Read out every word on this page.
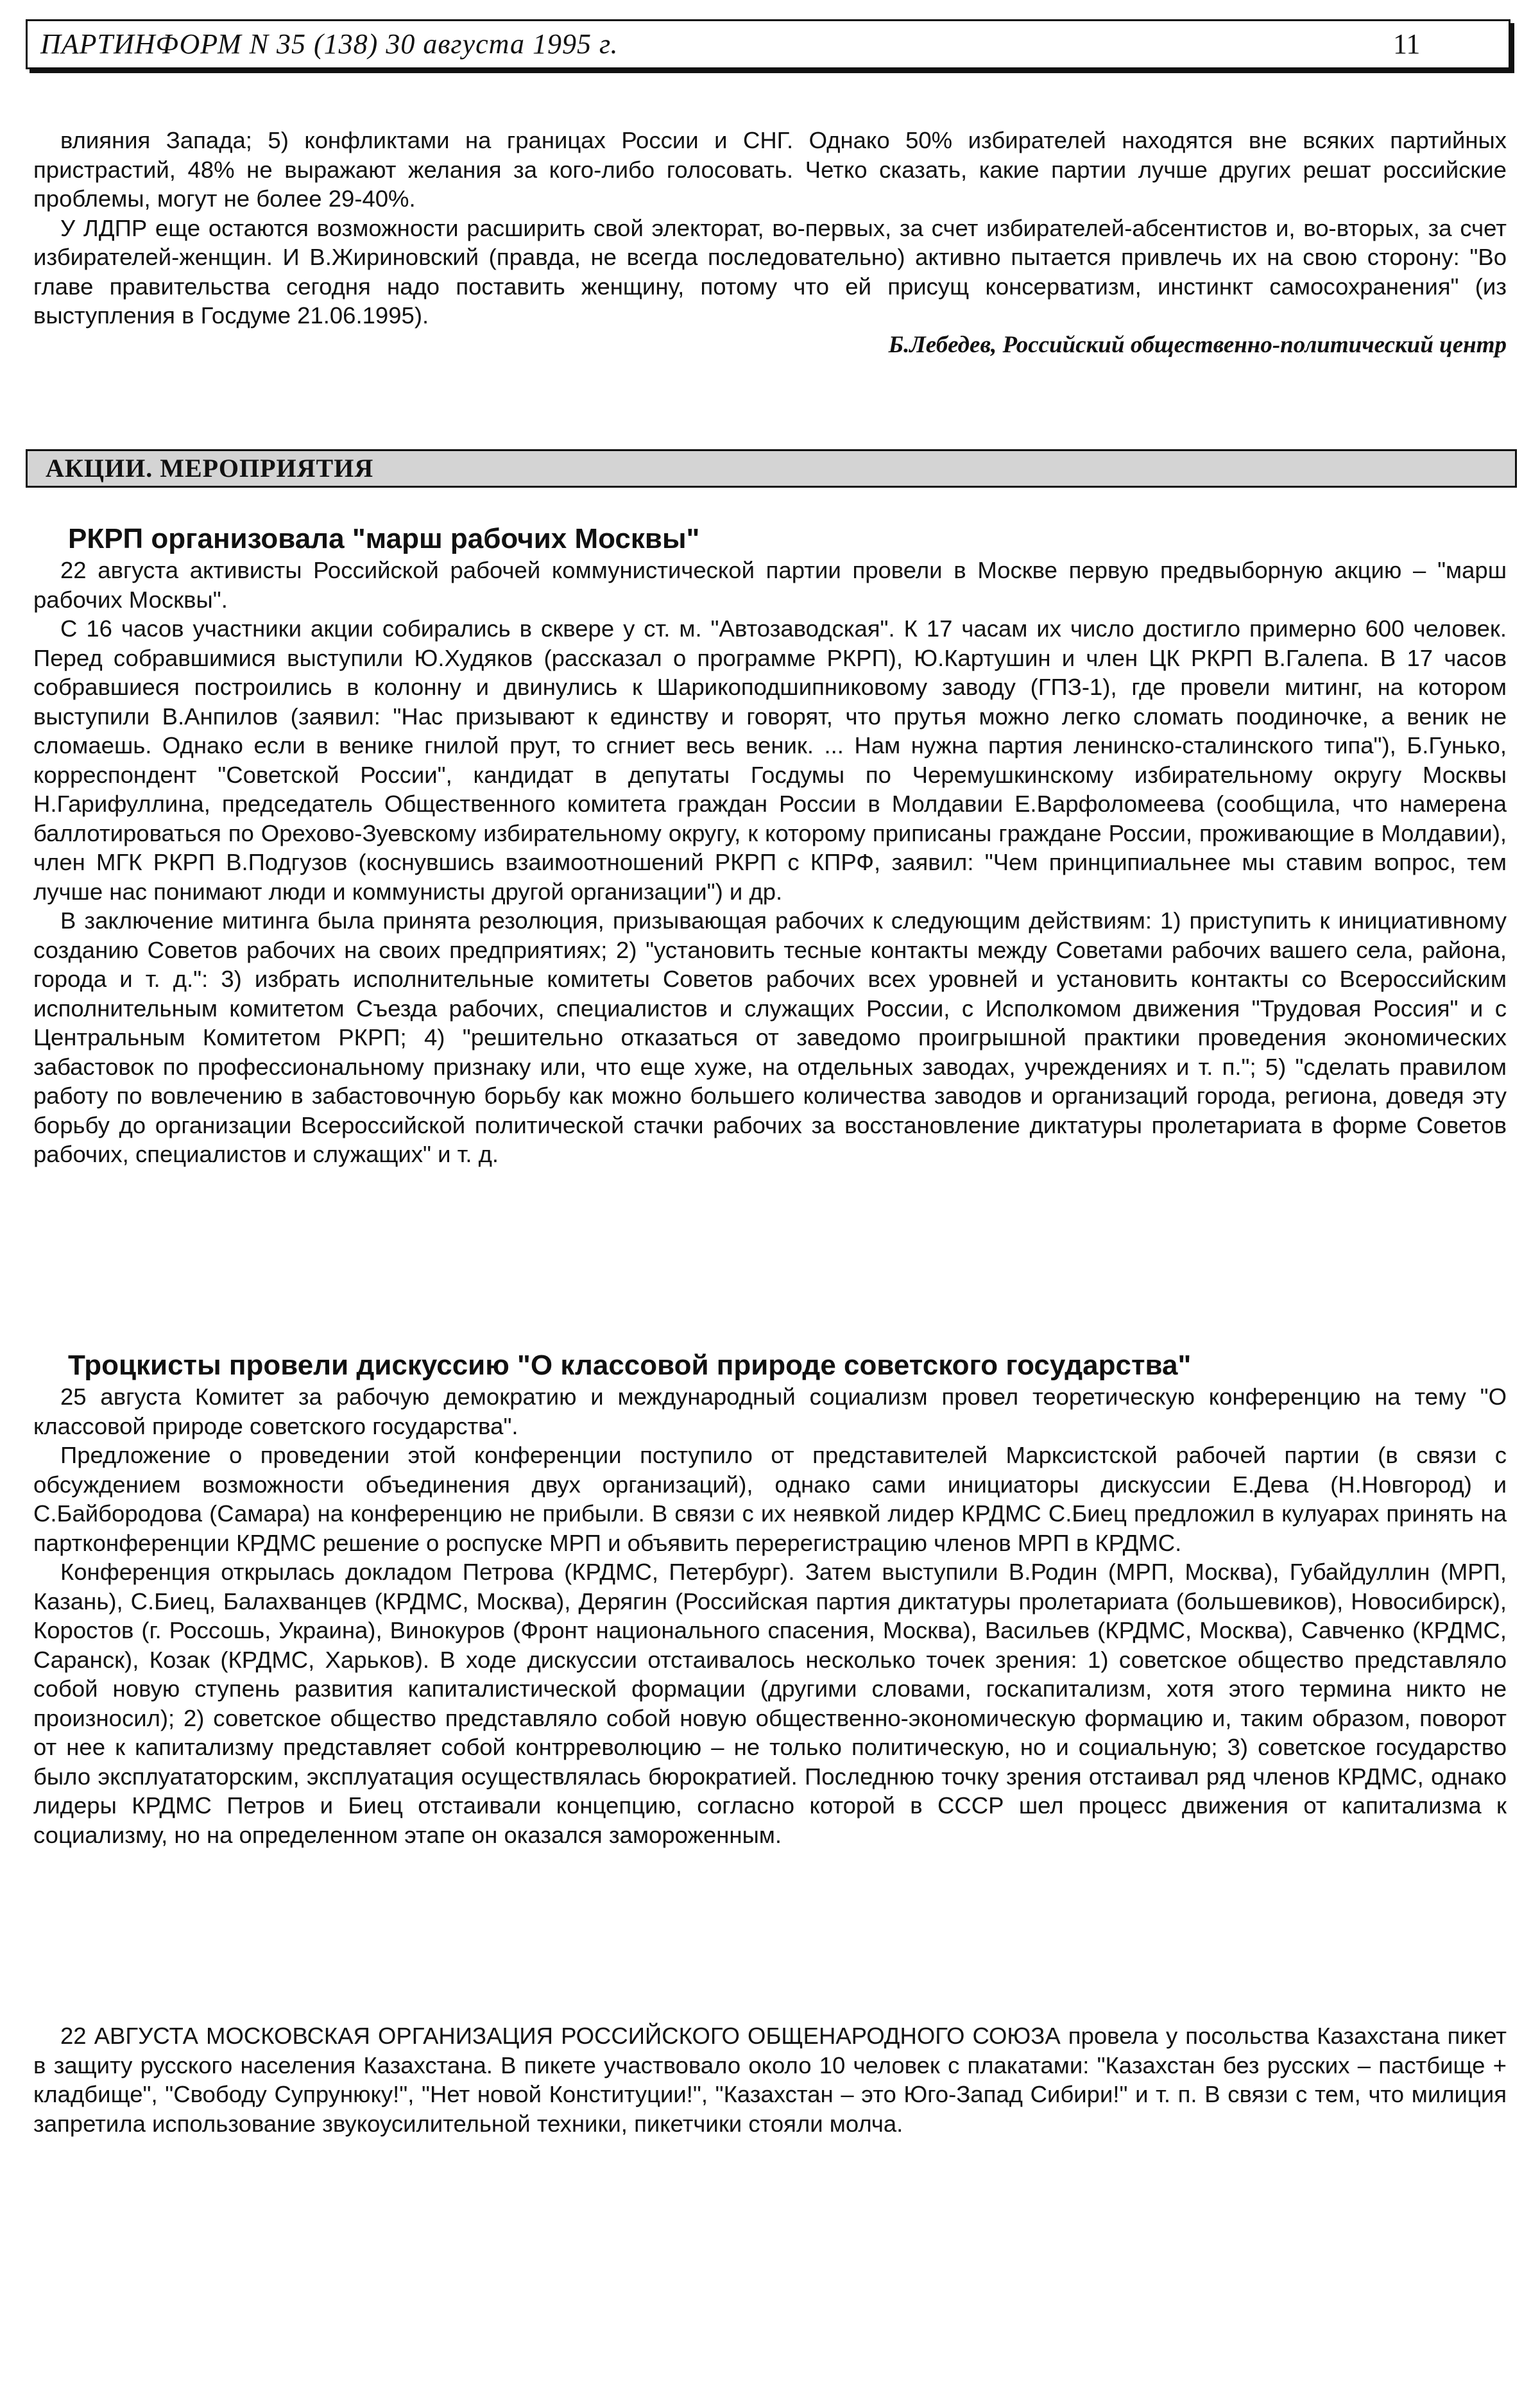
ПАРТИНФОРМ N 35 (138) 30 августа 1995 г.	11

влияния Запада; 5) конфликтами на границах России и СНГ. Однако 50% избирателей находятся вне всяких партийных пристрастий, 48% не выражают желания за кого-либо голосовать. Четко сказать, какие партии лучше других решат российские проблемы, могут не более 29-40%.

У ЛДПР еще остаются возможности расширить свой электорат, во-первых, за счет избирателей-абсентистов и, во-вторых, за счет избирателей-женщин. И В.Жириновский (правда, не всегда последовательно) активно пытается привлечь их на свою сторону: "Во главе правительства сегодня надо поставить женщину, потому что ей присущ консерватизм, инстинкт самосохранения" (из выступления в Госдуме 21.06.1995).

Б.Лебедев, Российский общественно-политический центр
АКЦИИ. МЕРОПРИЯТИЯ
РКРП организовала "марш рабочих Москвы"

22 августа активисты Российской рабочей коммунистической партии провели в Москве первую предвыборную акцию – "марш рабочих Москвы".

С 16 часов участники акции собирались в сквере у ст. м. "Автозаводская". К 17 часам их число достигло примерно 600 человек. Перед собравшимися выступили Ю.Худяков (рассказал о программе РКРП), Ю.Картушин и член ЦК РКРП В.Галепа. В 17 часов собравшиеся построились в колонну и двинулись к Шарикоподшипниковому заводу (ГПЗ-1), где провели митинг, на котором выступили В.Анпилов (заявил: "Нас призывают к единству и говорят, что прутья можно легко сломать поодиночке, а веник не сломаешь. Однако если в венике гнилой прут, то сгниет весь веник. ... Нам нужна партия ленинско-сталинского типа"), Б.Гунько, корреспондент "Советской России", кандидат в депутаты Госдумы по Черемушкинскому избирательному округу Москвы Н.Гарифуллина, председатель Общественного комитета граждан России в Молдавии Е.Варфоломеева (сообщила, что намерена баллотироваться по Орехово-Зуевскому избирательному округу, к которому приписаны граждане России, проживающие в Молдавии), член МГК РКРП В.Подгузов (коснувшись взаимоотношений РКРП с КПРФ, заявил: "Чем принципиальнее мы ставим вопрос, тем лучше нас понимают люди и коммунисты другой организации") и др.

В заключение митинга была принята резолюция, призывающая рабочих к следующим действиям: 1) приступить к инициативному созданию Советов рабочих на своих предприятиях; 2) "установить тесные контакты между Советами рабочих вашего села, района, города и т. д.": 3) избрать исполнительные комитеты Советов рабочих всех уровней и установить контакты со Всероссийским исполнительным комитетом Съезда рабочих, специалистов и служащих России, с Исполкомом движения "Трудовая Россия" и с Центральным Комитетом РКРП; 4) "решительно отказаться от заведомо проигрышной практики проведения экономических забастовок по профессиональному признаку или, что еще хуже, на отдельных заводах, учреждениях и т. п."; 5) "сделать правилом работу по вовлечению в забастовочную борьбу как можно большего количества заводов и организаций города, региона, доведя эту борьбу до организации Всероссийской политической стачки рабочих за восстановление диктатуры пролетариата в форме Советов рабочих, специалистов и служащих" и т. д.

Троцкисты провели дискуссию "О классовой природе советского государства"

25 августа Комитет за рабочую демократию и международный социализм провел теоретическую конференцию на тему "О классовой природе советского государства".

Предложение о проведении этой конференции поступило от представителей Марксистской рабочей партии (в связи с обсуждением возможности объединения двух организаций), однако сами инициаторы дискуссии Е.Дева (Н.Новгород) и С.Байбородова (Самара) на конференцию не прибыли. В связи с их неявкой лидер КРДМС С.Биец предложил в кулуарах принять на партконференции КРДМС решение о роспуске МРП и объявить перерегистрацию членов МРП в КРДМС.

Конференция открылась докладом Петрова (КРДМС, Петербург). Затем выступили В.Родин (МРП, Москва), Губайдуллин (МРП, Казань), С.Биец, Балахванцев (КРДМС, Москва), Дерягин (Российская партия диктатуры пролетариата (большевиков), Новосибирск), Коростов (г. Россошь, Украина), Винокуров (Фронт национального спасения, Москва), Васильев (КРДМС, Москва), Савченко (КРДМС, Саранск), Козак (КРДМС, Харьков). В ходе дискуссии отстаивалось несколько точек зрения: 1) советское общество представляло собой новую ступень развития капиталистической формации (другими словами, госкапитализм, хотя этого термина никто не произносил); 2) советское общество представляло собой новую общественно-экономическую формацию и, таким образом, поворот от нее к капитализму представляет собой контрреволюцию – не только политическую, но и социальную; 3) советское государство было эксплуататорским, эксплуатация осуществлялась бюрократией. Последнюю точку зрения отстаивал ряд членов КРДМС, однако лидеры КРДМС Петров и Биец отстаивали концепцию, согласно которой в СССР шел процесс движения от капитализма к социализму, но на определенном этапе он оказался замороженным.

22 АВГУСТА МОСКОВСКАЯ ОРГАНИЗАЦИЯ РОССИЙСКОГО ОБЩЕНАРОДНОГО СОЮЗА провела у посольства Казахстана пикет в защиту русского населения Казахстана. В пикете участвовало около 10 человек с плакатами: "Казахстан без русских – пастбище + кладбище", "Свободу Супрунюку!", "Нет новой Конституции!", "Казахстан – это Юго-Запад Сибири!" и т. п. В связи с тем, что милиция запретила использование звукоусилительной техники, пикетчики стояли молча.
